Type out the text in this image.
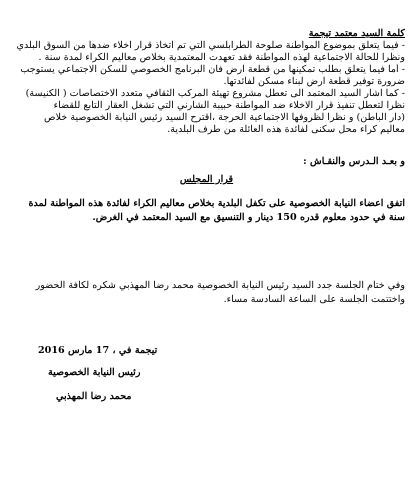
كلمة السيد معتمد تيجمة
- فيما يتعلق بموضوع المواطنة صلوحة الطرابلسي التي تم اتخاذ قرار اخلاء ضدها من السوق البلدي
ونظرا للحالة الاجتماعية لهذه المواطنة فقد تعهدت المعتمدية بخلاص معاليم الكراء لمدة سنة .
- أما فيما يتعلق بطلب تمكينها من قطعة ارض فان البرنامج الخصوصي للسكن الاجتماعي يستوجب
ضرورة توفير قطعة ارض لبناء مسكن لفائدتها.
- كما اشار السيد المعتمد الى تعطل مشروع تهيئة المركب الثقافي متعدد الاختصاصات ( الكنيسة)
نظرا لتعطل تنفيذ قرار الاخلاء ضد المواطنة حبيبة الشارني التي تشغل العقار التابع للقضاء
(دار الباطن) و نظرا لظروفها الاجتماعية الحرجة ،اقترح السيد رئيس النيابة الخصوصية خلاص
معاليم كراء محل سكنى لفائدة هذه العائلة من طرف البلدية.
و بعـد الـدرس والنقـاش :
قرار المجلس
اتفق اعضاء النيابة الخصوصية على تكفل البلدية بخلاص معاليم الكراء لفائدة هذه المواطنة لمدة
سنة في حدود معلوم قدره 150 دينار و التنسيق مع السيد المعتمد في الغرض.
وفي ختام الجلسة جدد السيد رئيس النيابة الخصوصية محمد رضا المهذبي شكره لكافة الحضور
واختتمت الجلسة على الساعة السادسة مساء.
تيجمة في ، 17 مارس 2016
رئيس النيابة الخصوصية
محمد رضا المهذبي
